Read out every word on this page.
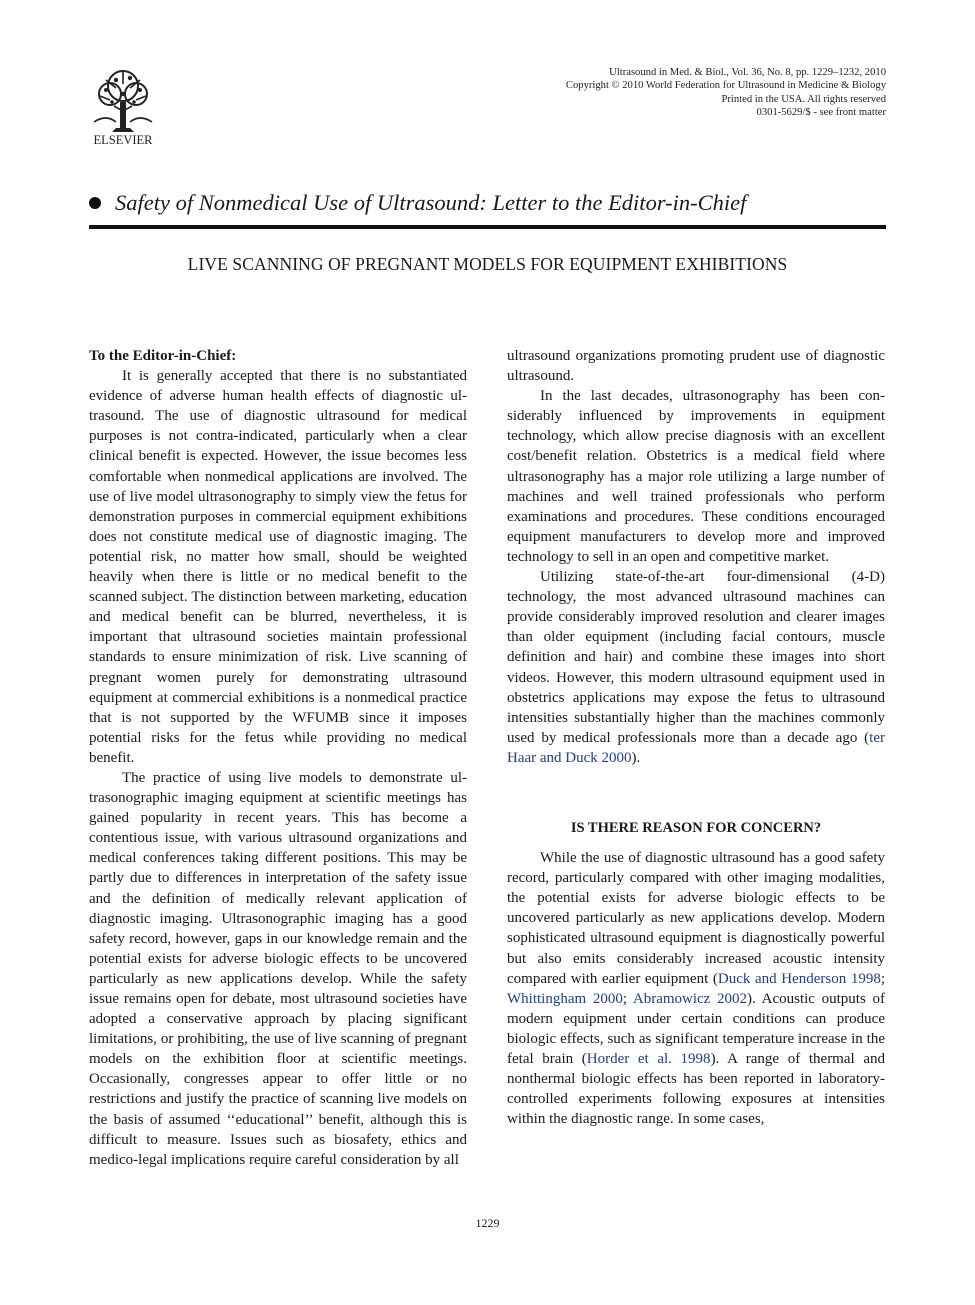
ELSEVIER
Ultrasound in Med. & Biol., Vol. 36, No. 8, pp. 1229–1232, 2010
Copyright © 2010 World Federation for Ultrasound in Medicine & Biology
Printed in the USA. All rights reserved
0301-5629/$ - see front matter
Safety of Nonmedical Use of Ultrasound: Letter to the Editor-in-Chief
LIVE SCANNING OF PREGNANT MODELS FOR EQUIPMENT EXHIBITIONS

To the Editor-in-Chief:

It is generally accepted that there is no substantiated evidence of adverse human health effects of diagnostic ultrasound. The use of diagnostic ultrasound for medical purposes is not contra-indicated, particularly when a clear clinical benefit is expected. However, the issue becomes less comfortable when nonmedical applications are involved. The use of live model ultrasonography to simply view the fetus for demonstration purposes in commercial equipment exhibitions does not constitute medical use of diagnostic imaging. The potential risk, no matter how small, should be weighted heavily when there is little or no medical benefit to the scanned subject. The distinction between marketing, education and medical benefit can be blurred, nevertheless, it is important that ultrasound societies maintain professional standards to ensure minimization of risk. Live scanning of pregnant women purely for demonstrating ultrasound equipment at commercial exhibitions is a nonmedical practice that is not supported by the WFUMB since it imposes potential risks for the fetus while providing no medical benefit.

The practice of using live models to demonstrate ultrasonographic imaging equipment at scientific meetings has gained popularity in recent years. This has become a contentious issue, with various ultrasound organizations and medical conferences taking different positions. This may be partly due to differences in interpretation of the safety issue and the definition of medically relevant application of diagnostic imaging. Ultrasonographic imaging has a good safety record, however, gaps in our knowledge remain and the potential exists for adverse biologic effects to be uncovered particularly as new applications develop. While the safety issue remains open for debate, most ultrasound societies have adopted a conservative approach by placing significant limitations, or prohibiting, the use of live scanning of pregnant models on the exhibition floor at scientific meetings. Occasionally, congresses appear to offer little or no restrictions and justify the practice of scanning live models on the basis of assumed ‘‘educational’’ benefit, although this is difficult to measure. Issues such as biosafety, ethics and medico-legal implications require careful consideration by all

ultrasound organizations promoting prudent use of diagnostic ultrasound.

In the last decades, ultrasonography has been considerably influenced by improvements in equipment technology, which allow precise diagnosis with an excellent cost/benefit relation. Obstetrics is a medical field where ultrasonography has a major role utilizing a large number of machines and well trained professionals who perform examinations and procedures. These conditions encouraged equipment manufacturers to develop more and improved technology to sell in an open and competitive market.

Utilizing state-of-the-art four-dimensional (4-D) technology, the most advanced ultrasound machines can provide considerably improved resolution and clearer images than older equipment (including facial contours, muscle definition and hair) and combine these images into short videos. However, this modern ultrasound equipment used in obstetrics applications may expose the fetus to ultrasound intensities substantially higher than the machines commonly used by medical professionals more than a decade ago (ter Haar and Duck 2000).

IS THERE REASON FOR CONCERN?

While the use of diagnostic ultrasound has a good safety record, particularly compared with other imaging modalities, the potential exists for adverse biologic effects to be uncovered particularly as new applications develop. Modern sophisticated ultrasound equipment is diagnostically powerful but also emits considerably increased acoustic intensity compared with earlier equipment (Duck and Henderson 1998; Whittingham 2000; Abramowicz 2002). Acoustic outputs of modern equipment under certain conditions can produce biologic effects, such as significant temperature increase in the fetal brain (Horder et al. 1998). A range of thermal and nonthermal biologic effects has been reported in laboratory-controlled experiments following exposures at intensities within the diagnostic range. In some cases,

1229
